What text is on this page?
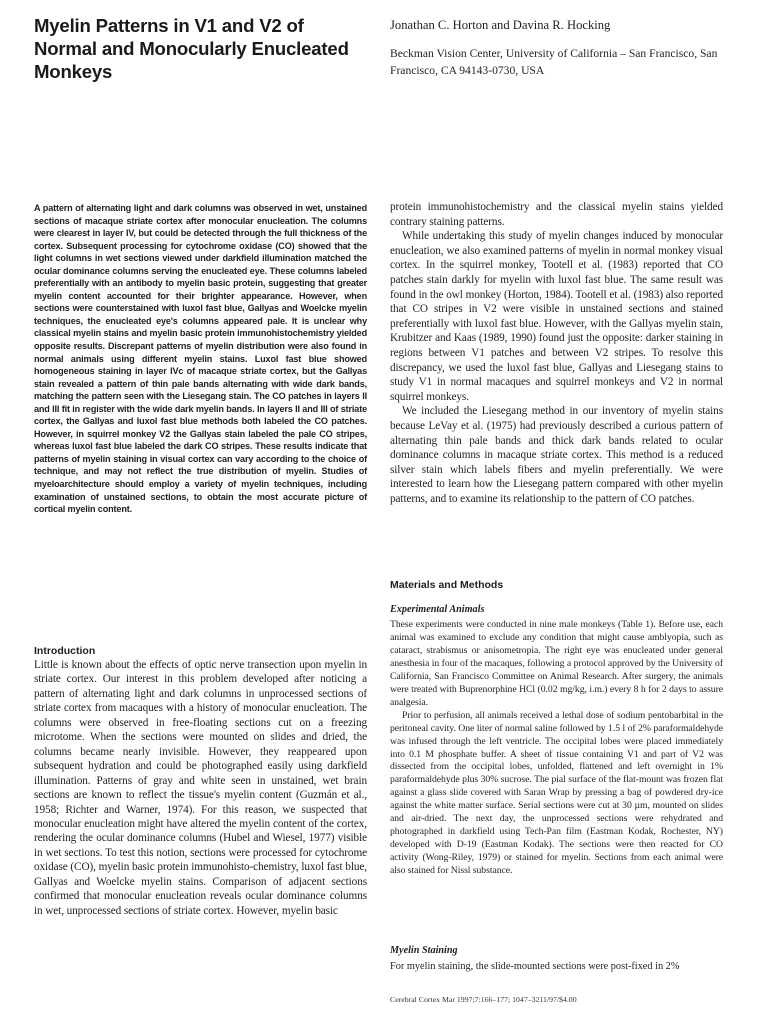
Myelin Patterns in V1 and V2 of Normal and Monocularly Enucleated Monkeys
Jonathan C. Horton and Davina R. Hocking
Beckman Vision Center, University of California – San Francisco, San Francisco, CA 94143-0730, USA

A pattern of alternating light and dark columns was observed in wet, unstained sections of macaque striate cortex after monocular enucleation. The columns were clearest in layer IV, but could be detected through the full thickness of the cortex. Subsequent processing for cytochrome oxidase (CO) showed that the light columns in wet sections viewed under darkfield illumination matched the ocular dominance columns serving the enucleated eye. These columns labeled preferentially with an antibody to myelin basic protein, suggesting that greater myelin content accounted for their brighter appearance. However, when sections were counterstained with luxol fast blue, Gallyas and Woelcke myelin techniques, the enucleated eye's columns appeared pale. It is unclear why classical myelin stains and myelin basic protein immunohistochemistry yielded opposite results. Discrepant patterns of myelin distribution were also found in normal animals using different myelin stains. Luxol fast blue showed homogeneous staining in layer IVc of macaque striate cortex, but the Gallyas stain revealed a pattern of thin pale bands alternating with wide dark bands, matching the pattern seen with the Liesegang stain. The CO patches in layers II and III fit in register with the wide dark myelin bands. In layers II and III of striate cortex, the Gallyas and luxol fast blue methods both labeled the CO patches. However, in squirrel monkey V2 the Gallyas stain labeled the pale CO stripes, whereas luxol fast blue labeled the dark CO stripes. These results indicate that patterns of myelin staining in visual cortex can vary according to the choice of technique, and may not reflect the true distribution of myelin. Studies of myeloarchitecture should employ a variety of myelin techniques, including examination of unstained sections, to obtain the most accurate picture of cortical myelin content.

Introduction

Little is known about the effects of optic nerve transection upon myelin in striate cortex. Our interest in this problem developed after noticing a pattern of alternating light and dark columns in unprocessed sections of striate cortex from macaques with a history of monocular enucleation. The columns were observed in free-floating sections cut on a freezing microtome. When the sections were mounted on slides and dried, the columns became nearly invisible. However, they reappeared upon subsequent hydration and could be photographed easily using darkfield illumination. Patterns of gray and white seen in unstained, wet brain sections are known to reflect the tissue's myelin content (Guzmán et al., 1958; Richter and Warner, 1974). For this reason, we suspected that monocular enucleation might have altered the myelin content of the cortex, rendering the ocular dominance columns (Hubel and Wiesel, 1977) visible in wet sections. To test this notion, sections were processed for cytochrome oxidase (CO), myelin basic protein immunohisto-chemistry, luxol fast blue, Gallyas and Woelcke myelin stains. Comparison of adjacent sections confirmed that monocular enucleation reveals ocular dominance columns in wet, unprocessed sections of striate cortex. However, myelin basic

protein immunohistochemistry and the classical myelin stains yielded contrary staining patterns.

While undertaking this study of myelin changes induced by monocular enucleation, we also examined patterns of myelin in normal monkey visual cortex. In the squirrel monkey, Tootell et al. (1983) reported that CO patches stain darkly for myelin with luxol fast blue. The same result was found in the owl monkey (Horton, 1984). Tootell et al. (1983) also reported that CO stripes in V2 were visible in unstained sections and stained preferentially with luxol fast blue. However, with the Gallyas myelin stain, Krubitzer and Kaas (1989, 1990) found just the opposite: darker staining in regions between V1 patches and between V2 stripes. To resolve this discrepancy, we used the luxol fast blue, Gallyas and Liesegang stains to study V1 in normal macaques and squirrel monkeys and V2 in normal squirrel monkeys.

We included the Liesegang method in our inventory of myelin stains because LeVay et al. (1975) had previously described a curious pattern of alternating thin pale bands and thick dark bands related to ocular dominance columns in macaque striate cortex. This method is a reduced silver stain which labels fibers and myelin preferentially. We were interested to learn how the Liesegang pattern compared with other myelin patterns, and to examine its relationship to the pattern of CO patches.

Materials and Methods
Experimental Animals

These experiments were conducted in nine male monkeys (Table 1). Before use, each animal was examined to exclude any condition that might cause amblyopia, such as cataract, strabismus or anisometropia. The right eye was enucleated under general anesthesia in four of the macaques, following a protocol approved by the University of California, San Francisco Committee on Animal Research. After surgery, the animals were treated with Buprenorphine HCl (0.02 mg/kg, i.m.) every 8 h for 2 days to assure analgesia.

Prior to perfusion, all animals received a lethal dose of sodium pentobarbital in the peritoneal cavity. One liter of normal saline followed by 1.5 l of 2% paraformaldehyde was infused through the left ventricle. The occipital lobes were placed immediately into 0.1 M phosphate buffer. A sheet of tissue containing V1 and part of V2 was dissected from the occipital lobes, unfolded, flattened and left overnight in 1% paraformaldehyde plus 30% sucrose. The pial surface of the flat-mount was frozen flat against a glass slide covered with Saran Wrap by pressing a bag of powdered dry-ice against the white matter surface. Serial sections were cut at 30 µm, mounted on slides and air-dried. The next day, the unprocessed sections were rehydrated and photographed in darkfield using Tech-Pan film (Eastman Kodak, Rochester, NY) developed with D-19 (Eastman Kodak). The sections were then reacted for CO activity (Wong-Riley, 1979) or stained for myelin. Sections from each animal were also stained for Nissl substance.

Myelin Staining

For myelin staining, the slide-mounted sections were post-fixed in 2%

Cerebral Cortex Mar 1997;7:166–177; 1047–3211/97/$4.00
